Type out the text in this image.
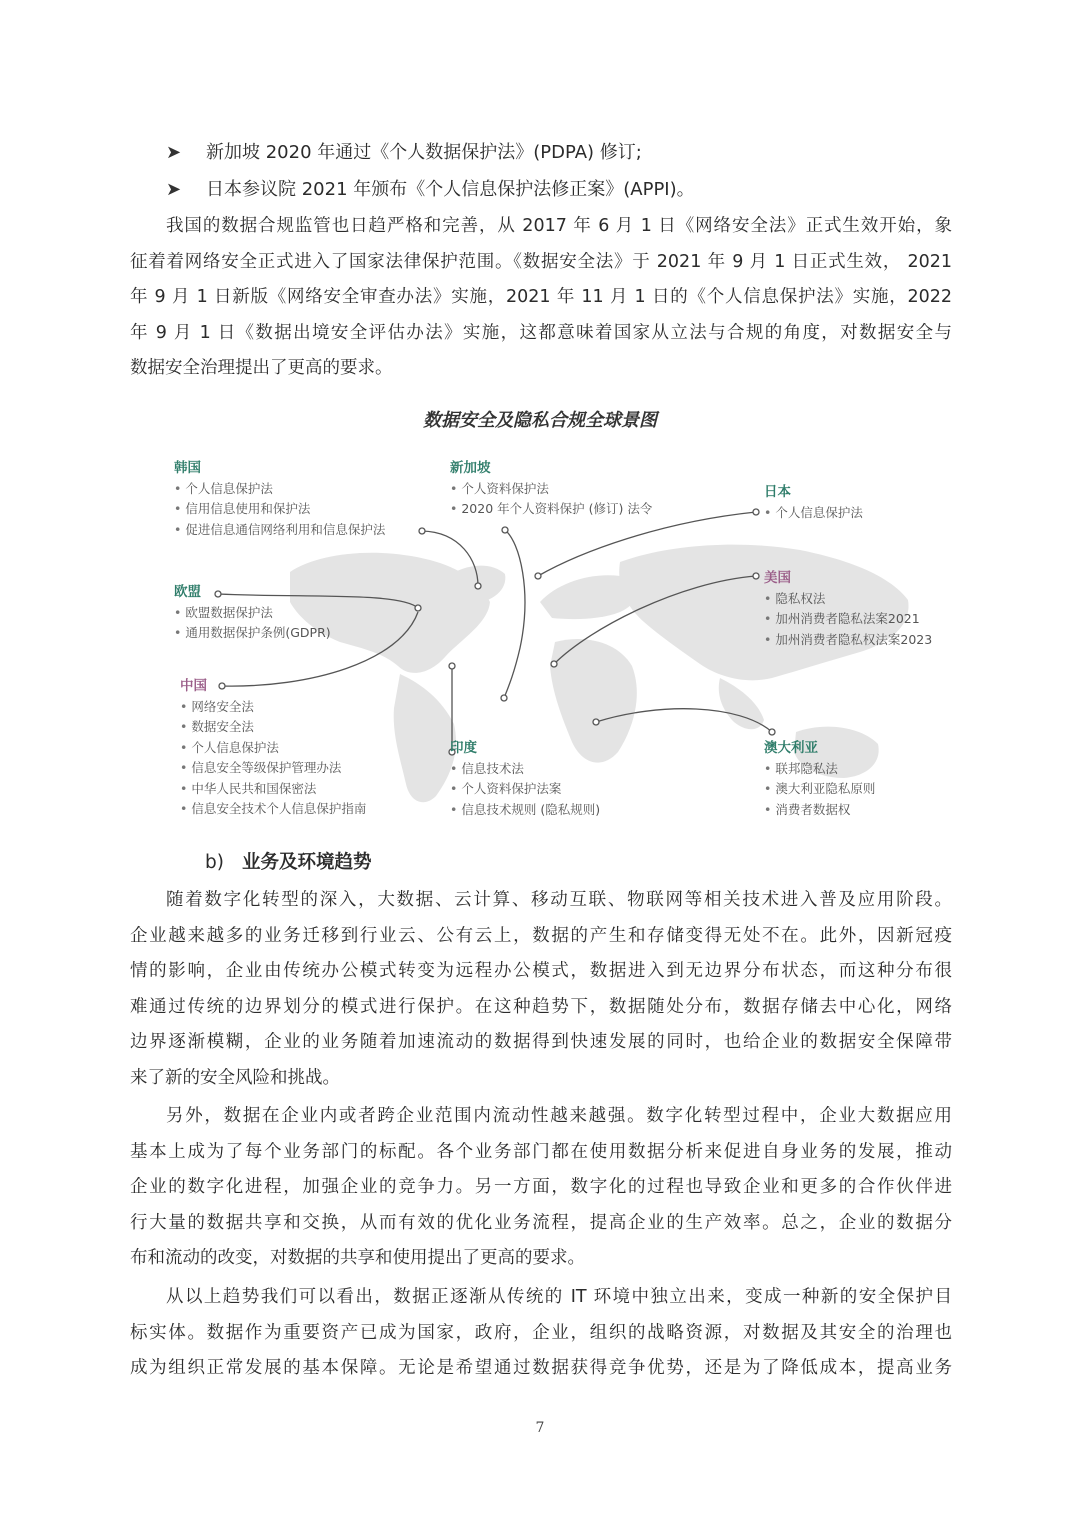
➤ 新加坡 2020 年通过《个人数据保护法》(PDPA) 修订;
➤ 日本参议院 2021 年颁布《个人信息保护法修正案》(APPI)。
我国的数据合规监管也日趋严格和完善，从 2017 年 6 月 1 日《网络安全法》正式生效开始，象
征着着网络安全正式进入了国家法律保护范围。《数据安全法》于 2021 年 9 月 1 日正式生效， 2021
年 9 月 1 日新版《网络安全审查办法》实施，2021 年 11 月 1 日的《个人信息保护法》实施，2022
年 9 月 1 日《数据出境安全评估办法》实施，这都意味着国家从立法与合规的角度，对数据安全与
数据安全治理提出了更高的要求。
数据安全及隐私合规全球景图
韩国
• 个人信息保护法
• 信用信息使用和保护法
• 促进信息通信网络利用和信息保护法
新加坡
• 个人资料保护法
• 2020 年个人资料保护 (修订) 法令
日本
• 个人信息保护法
欧盟
• 欧盟数据保护法
• 通用数据保护条例(GDPR)
美国
• 隐私权法
• 加州消费者隐私法案2021
• 加州消费者隐私权法案2023
中国
• 网络安全法
• 数据安全法
• 个人信息保护法
• 信息安全等级保护管理办法
• 中华人民共和国保密法
• 信息安全技术个人信息保护指南
印度
• 信息技术法
• 个人资料保护法案
• 信息技术规则 (隐私规则)
澳大利亚
• 联邦隐私法
• 澳大利亚隐私原则
• 消费者数据权
b) 业务及环境趋势
随着数字化转型的深入，大数据、云计算、移动互联、物联网等相关技术进入普及应用阶段。
企业越来越多的业务迁移到行业云、公有云上，数据的产生和存储变得无处不在。此外，因新冠疫
情的影响，企业由传统办公模式转变为远程办公模式，数据进入到无边界分布状态，而这种分布很
难通过传统的边界划分的模式进行保护。在这种趋势下，数据随处分布，数据存储去中心化，网络
边界逐渐模糊，企业的业务随着加速流动的数据得到快速发展的同时，也给企业的数据安全保障带
来了新的安全风险和挑战。
另外，数据在企业内或者跨企业范围内流动性越来越强。数字化转型过程中，企业大数据应用
基本上成为了每个业务部门的标配。各个业务部门都在使用数据分析来促进自身业务的发展，推动
企业的数字化进程，加强企业的竞争力。另一方面，数字化的过程也导致企业和更多的合作伙伴进
行大量的数据共享和交换，从而有效的优化业务流程，提高企业的生产效率。总之，企业的数据分
布和流动的改变，对数据的共享和使用提出了更高的要求。
从以上趋势我们可以看出，数据正逐渐从传统的 IT 环境中独立出来，变成一种新的安全保护目
标实体。数据作为重要资产已成为国家，政府，企业，组织的战略资源，对数据及其安全的治理也
成为组织正常发展的基本保障。无论是希望通过数据获得竞争优势，还是为了降低成本，提高业务
7
